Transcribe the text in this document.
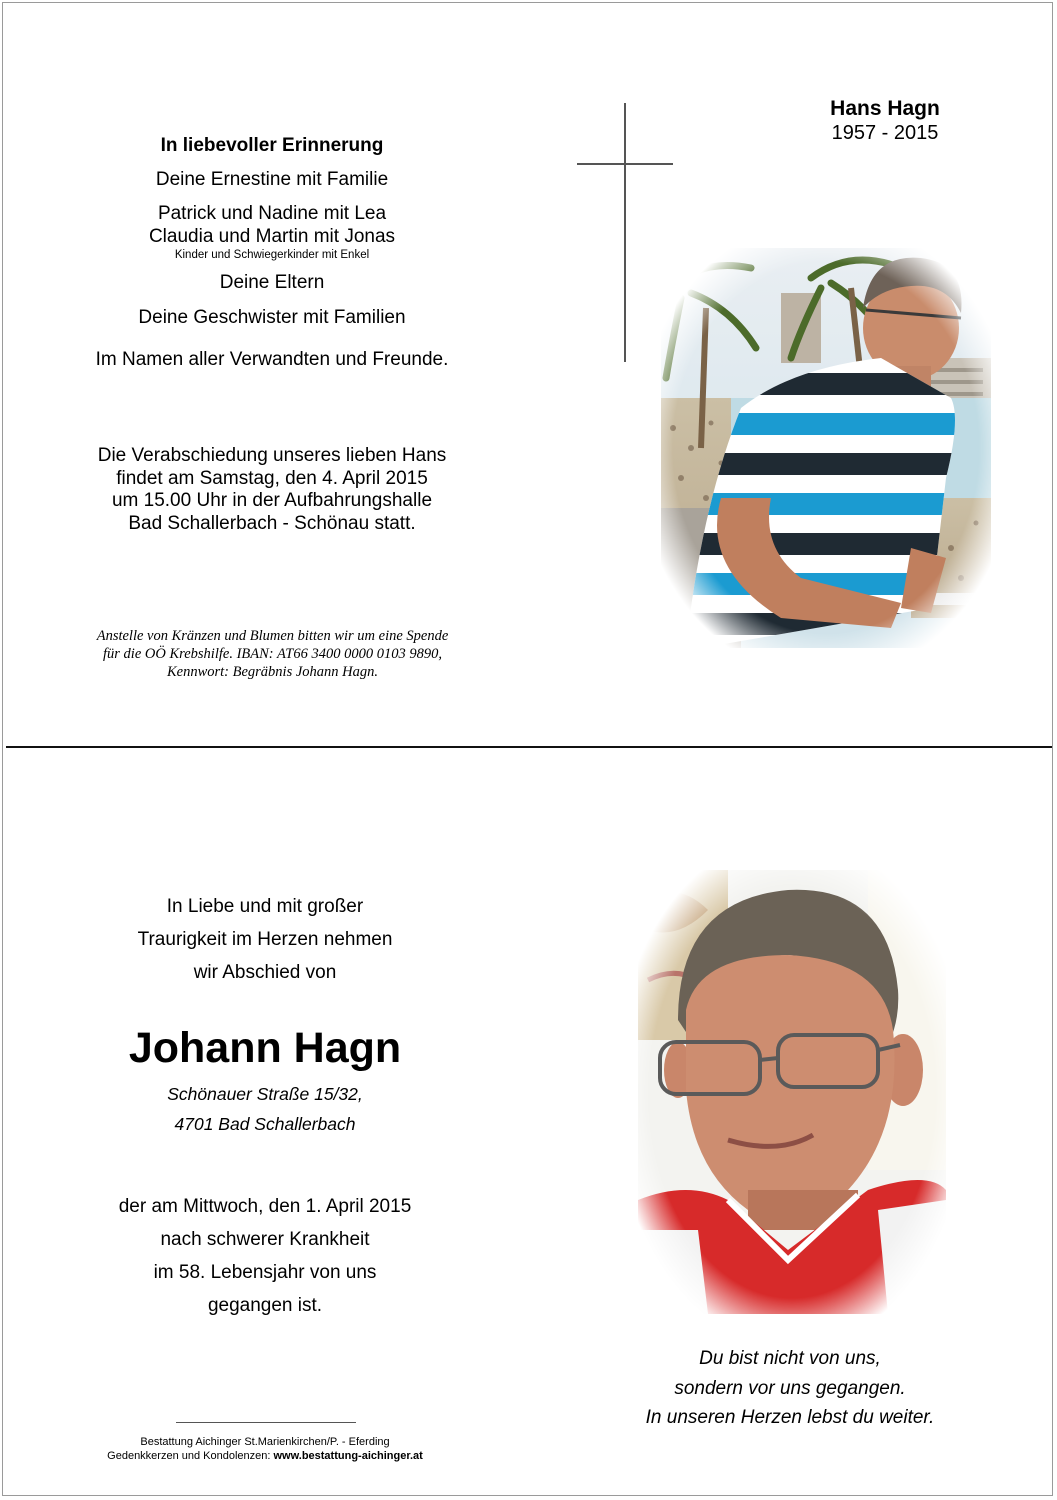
In liebevoller Erinnerung
Deine Ernestine mit Familie
Patrick und Nadine mit Lea
Claudia und Martin mit Jonas
Kinder und Schwiegerkinder mit Enkel
Deine Eltern
Deine Geschwister mit Familien
Im Namen aller Verwandten und Freunde.
Die Verabschiedung unseres lieben Hans
findet am Samstag, den 4. April 2015
um 15.00 Uhr in der Aufbahrungshalle
Bad Schallerbach - Schönau statt.
Anstelle von Kränzen und Blumen bitten wir um eine Spende
für die OÖ Krebshilfe. IBAN: AT66 3400 0000 0103 9890,
Kennwort: Begräbnis Johann Hagn.
Hans Hagn
1957 - 2015
In Liebe und mit großer
Traurigkeit im Herzen nehmen
wir Abschied von
Johann Hagn
Schönauer Straße 15/32,
4701 Bad Schallerbach
der am Mittwoch, den 1. April 2015
nach schwerer Krankheit
im 58. Lebensjahr von uns
gegangen ist.
Du bist nicht von uns,
sondern vor uns gegangen.
In unseren Herzen lebst du weiter.
Bestattung Aichinger St.Marienkirchen/P. - Eferding
Gedenkkerzen und Kondolenzen: www.bestattung-aichinger.at
